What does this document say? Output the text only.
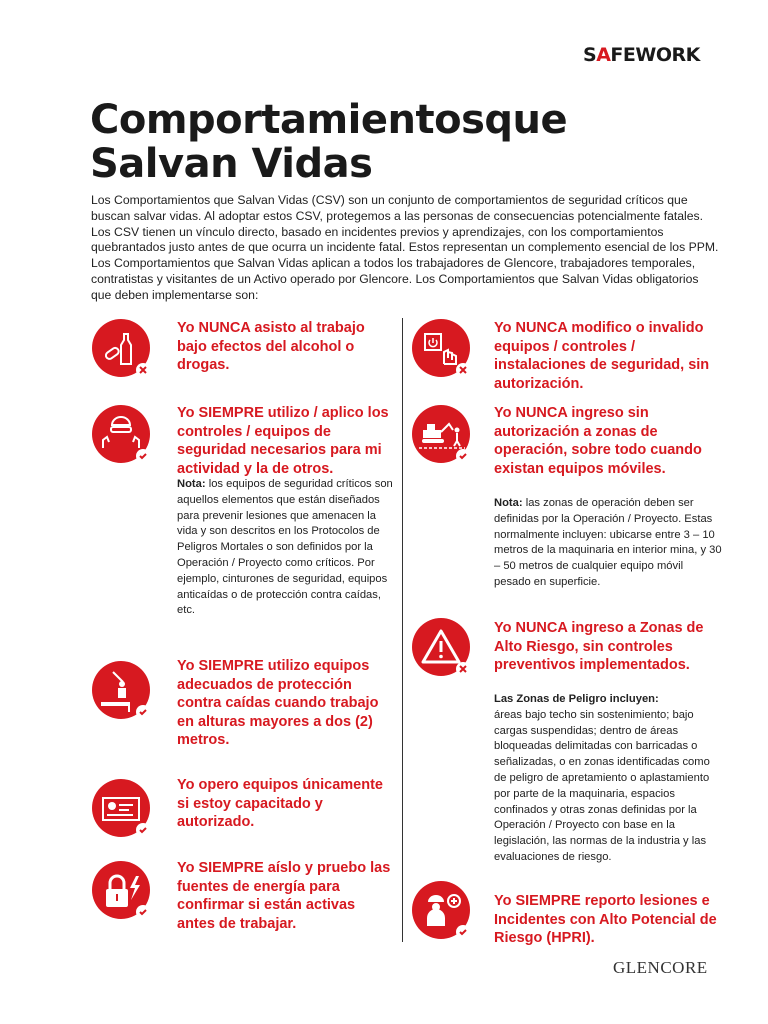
SAFEWORK
Comportamientosque
Salvan Vidas

Los Comportamientos que Salvan Vidas (CSV) son un conjunto de comportamientos de seguridad críticos que buscan salvar vidas. Al adoptar estos CSV, protegemos a las personas de consecuencias potencialmente fatales. Los CSV tienen un vínculo directo, basado en incidentes previos y aprendizajes, con los comportamientos quebrantados justo antes de que ocurra un incidente fatal. Estos representan un complemento esencial de los PPM.

Los Comportamientos que Salvan Vidas aplican a todos los trabajadores de Glencore, trabajadores temporales, contratistas y visitantes de un Activo operado por Glencore. Los Comportamientos que Salvan Vidas obligatorios que deben implementarse son:

Yo NUNCA asisto al trabajo bajo efectos del alcohol o drogas.

Yo SIEMPRE utilizo / aplico los controles / equipos de seguridad necesarios para mi actividad y la de otros.

Nota: los equipos de seguridad críticos son aquellos elementos que están diseñados para prevenir lesiones que amenacen la vida y son descritos en los Protocolos de Peligros Mortales o son definidos por la Operación / Proyecto como críticos. Por ejemplo, cinturones de seguridad, equipos anticaídas o de protección contra caídas, etc.

Yo SIEMPRE utilizo equipos adecuados de protección contra caídas cuando trabajo en alturas mayores a dos (2) metros.

Yo opero equipos únicamente si estoy capacitado y autorizado.

Yo SIEMPRE aíslo y pruebo las fuentes de energía para confirmar si están activas antes de trabajar.

Yo NUNCA modifico o invalido equipos / controles / instalaciones de seguridad, sin autorización.

Yo NUNCA ingreso sin autorización a zonas de operación, sobre todo cuando existan equipos móviles.

Nota: las zonas de operación deben ser definidas por la Operación / Proyecto. Estas normalmente incluyen: ubicarse entre 3 – 10 metros de la maquinaria en interior mina, y 30 – 50 metros de cualquier equipo móvil pesado en superficie.

Yo NUNCA ingreso a Zonas de Alto Riesgo, sin controles preventivos implementados.

Las Zonas de Peligro incluyen:
áreas bajo techo sin sostenimiento; bajo cargas suspendidas; dentro de áreas bloqueadas delimitadas con barricadas o señalizadas, o en zonas identificadas como de peligro de apretamiento o aplastamiento por parte de la maquinaria, espacios confinados y otras zonas definidas por la Operación / Proyecto con base en la legislación, las normas de la industria y las evaluaciones de riesgo.

Yo SIEMPRE reporto lesiones e Incidentes con Alto Potencial de Riesgo (HPRI).

GLENCORE
